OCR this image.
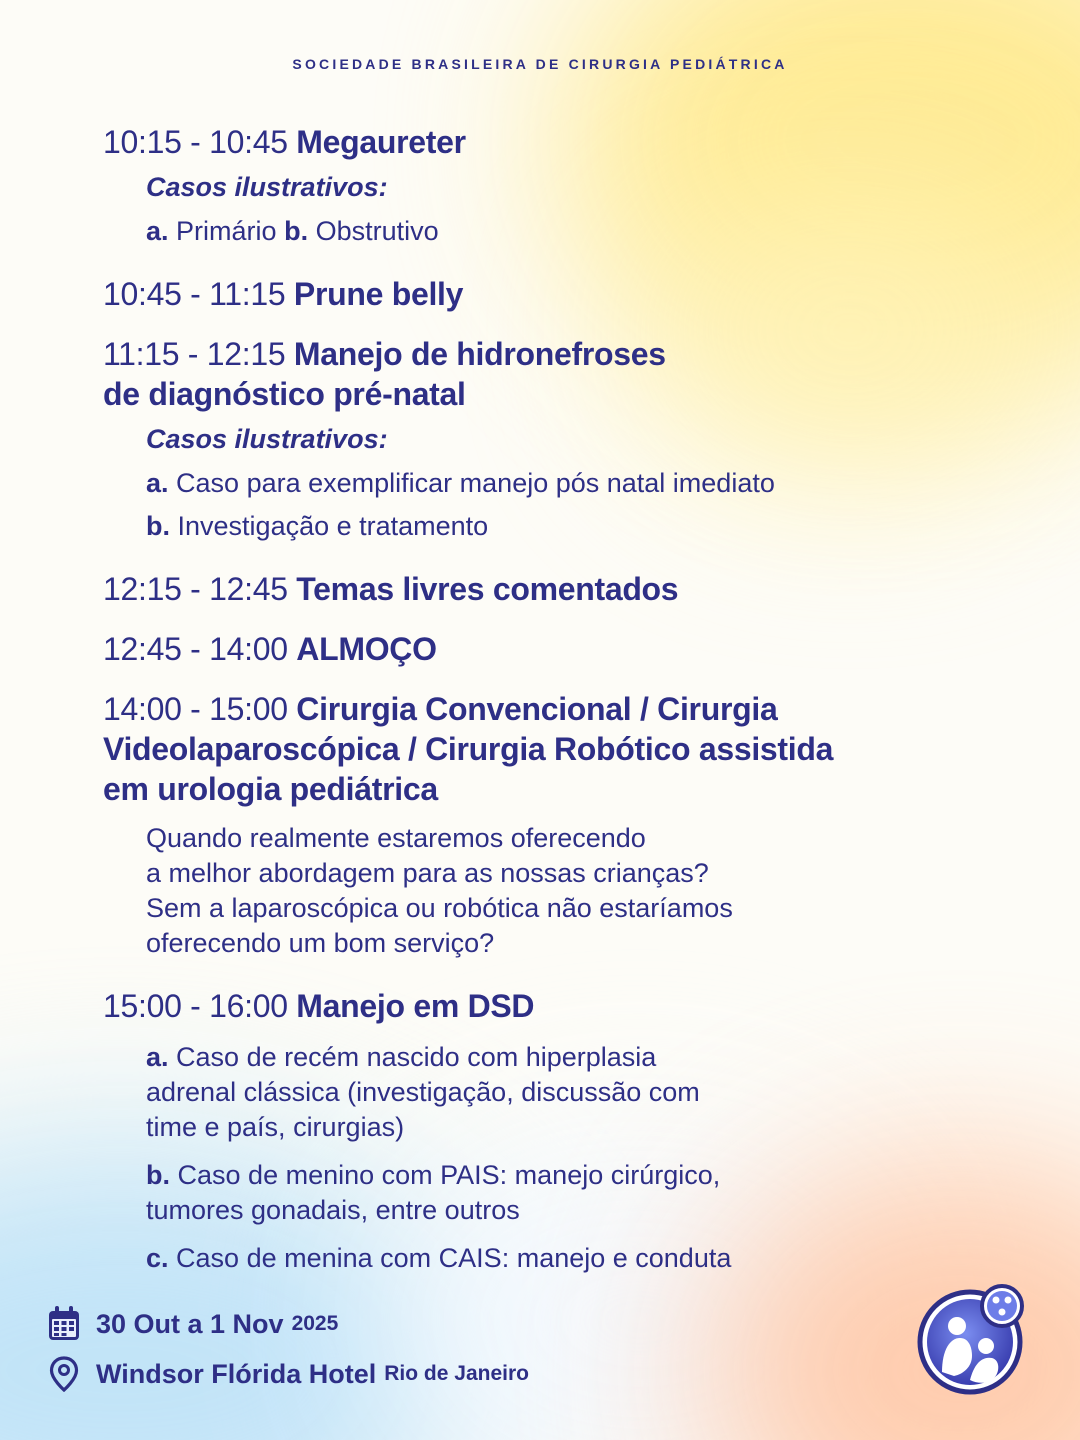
SOCIEDADE BRASILEIRA DE CIRURGIA PEDIÁTRICA

10:15 - 10:45 Megaureter

Casos ilustrativos:

a. Primário b. Obstrutivo

10:45 - 11:15 Prune belly

11:15 - 12:15 Manejo de hidronefroses

de diagnóstico pré-natal

Casos ilustrativos:

a. Caso para exemplificar manejo pós natal imediato

b. Investigação e tratamento

12:15 - 12:45 Temas livres comentados

12:45 - 14:00 ALMOÇO

14:00 - 15:00 Cirurgia Convencional / Cirurgia

Videolaparoscópica / Cirurgia Robótico assistida

em urologia pediátrica

Quando realmente estaremos oferecendo

a melhor abordagem para as nossas crianças?

Sem a laparoscópica ou robótica não estaríamos

oferecendo um bom serviço?

15:00 - 16:00 Manejo em DSD

a. Caso de recém nascido com hiperplasia

adrenal clássica (investigação, discussão com

time e país, cirurgias)

b. Caso de menino com PAIS: manejo cirúrgico,

tumores gonadais, entre outros

c. Caso de menina com CAIS: manejo e conduta

30 Out a 1 Nov 2025
Windsor Flórida Hotel Rio de Janeiro
